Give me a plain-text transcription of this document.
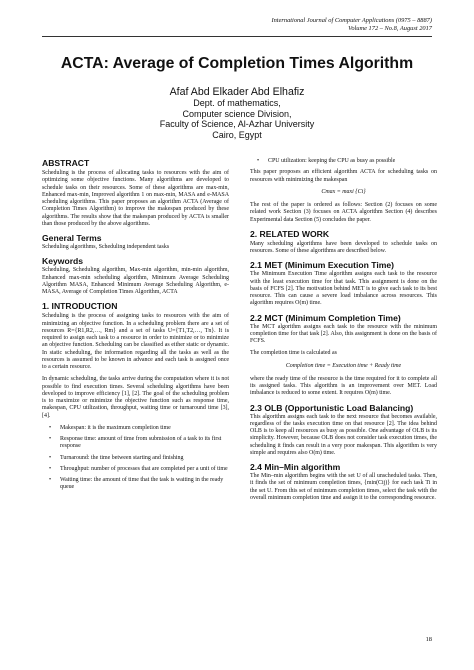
International Journal of Computer Applications (0975 – 8887)
Volume 172 – No.8, August 2017
ACTA: Average of Completion Times Algorithm
Afaf Abd Elkader Abd Elhafiz
Dept. of mathematics,
Computer science Division,
Faculty of Science, Al-Azhar University
Cairo, Egypt
ABSTRACT

Scheduling is the process of allocating tasks to resources with the aim of optimizing some objective functions. Many algorithms are developed to schedule tasks on their resources. Some of these algorithms are max-min, Enhanced max-min, Improved algorithm 1 on max-min, MASA and e-MASA scheduling algorithms. This paper proposes an algorithm ACTA (Average of Completion Times Algorithm) to improve the makespan produced by these algorithms. The results show that the makespan produced by ACTA is smaller than those produced by the above algorithms.

General Terms

Scheduling algorithms, Scheduling independent tasks

Keywords

Scheduling, Scheduling algorithm, Max-min algorithm, min-min algorithm, Enhanced max-min scheduling algorithm, Minimum Average Scheduling Algorithm MASA, Enhanced Minimum Average Scheduling Algorithm, e-MASA, Average of Completion Times Algorithm, ACTA

1. INTRODUCTION

Scheduling is the process of assigning tasks to resources with the aim of minimizing an objective function. In a scheduling problem there are a set of resources R={R1,R2,…, Rm} and a set of tasks U={T1,T2,…, Tn}. It is required to assign each task to a resource in order to minimize or to minimize an objective function. Scheduling can be classified as either static or dynamic. In static scheduling, the information regarding all the tasks as well as the resources is assumed to be known in advance and each task is assigned once to a certain resource.

In dynamic scheduling, the tasks arrive during the computation where it is not possible to find execution times. Several scheduling algorithms have been developed to improve efficiency [1], [2]. The goal of the scheduling problem is to maximize or minimize the objective function such as response time, makespan, CPU utilization, throughput, waiting time or turnaround time [3], [4].

• Makespan: it is the maximum completion time
• Response time: amount of time from submission of a task to its first response
• Turnaround: the time between starting and finishing
• Throughput: number of processes that are completed per a unit of time
• Waiting time: the amount of time that the task is waiting in the ready queue
• CPU utilization: keeping the CPU as busy as possible

This paper proposes an efficient algorithm ACTA for scheduling tasks on resources with minimizing the makespan

Cmax = maxi {Ci}

The rest of the paper is ordered as follows: Section (2) focuses on some related work Section (3) focuses on ACTA algorithm Section (4) describes Experimental data Section (5) concludes the paper.

2. RELATED WORK

Many scheduling algorithms have been developed to schedule tasks on resources. Some of these algorithms are described below.

2.1 MET (Minimum Execution Time)

The Minimum Execution Time algorithm assigns each task to the resource with the least execution time for that task. This assignment is done on the basis of FCFS [2]. The motivation behind MET is to give each task to its best resource. This can cause a severe load imbalance across resources. This algorithm requires O(m) time.

2.2 MCT (Minimum Completion Time)

The MCT algorithm assigns each task to the resource with the minimum completion time for that task [2]. Also, this assignment is done on the basis of FCFS.

The completion time is calculated as

Completion time = Execution time + Ready time

where the ready time of the resource is the time required for it to complete all its assigned tasks. This algorithm is an improvement over MET. Load imbalance is reduced to some extent. It requires O(m) time.

2.3 OLB (Opportunistic Load Balancing)

This algorithm assigns each task to the next resource that becomes available, regardless of the tasks execution time on that resource [2]. The idea behind OLB is to keep all resources as busy as possible. One advantage of OLB is its simplicity. However, because OLB does not consider task execution times, the scheduling it finds can result in a very poor makespan. This algorithm is very simple and requires also O(m) time.

2.4 Min–Min algorithm

The Min–min algorithm begins with the set U of all unscheduled tasks. Then, it finds the set of minimum completion times, {min(Cij)} for each task Ti in the set U. From this set of minimum completion times, select the task with the overall minimum completion time and assign it to the corresponding resource.

18
